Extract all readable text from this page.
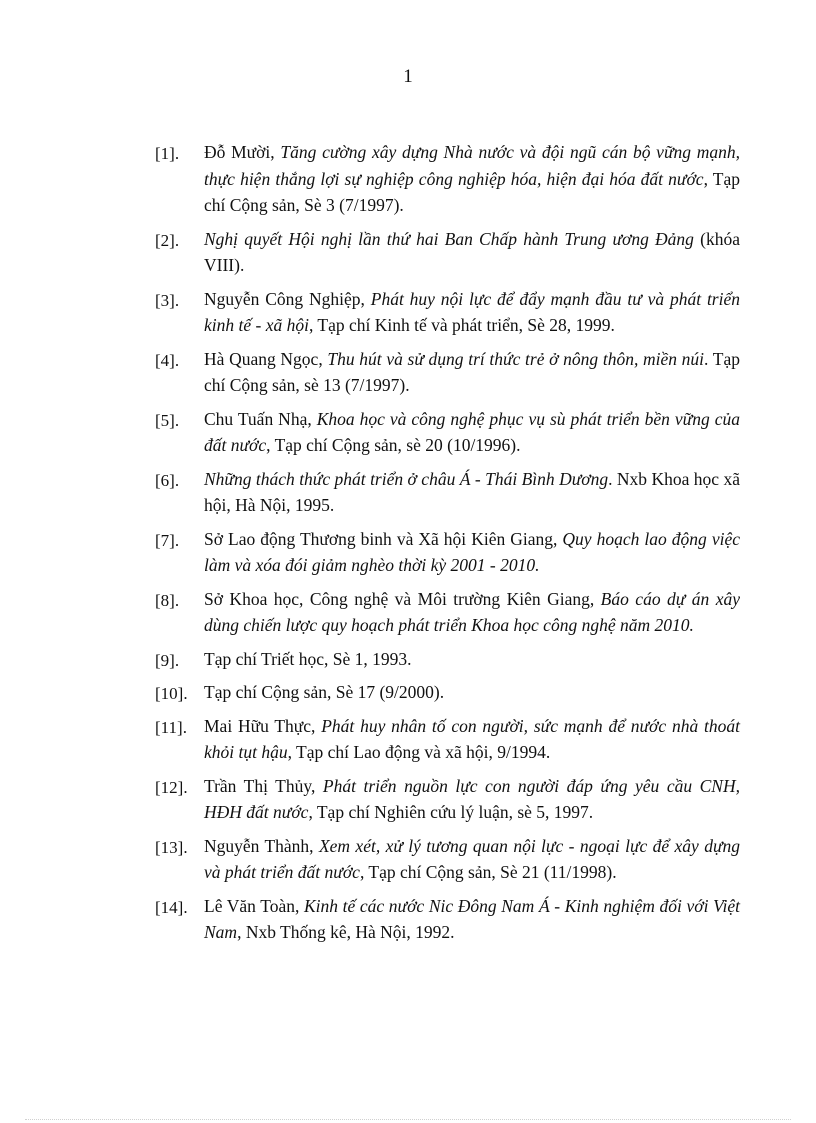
1
[1].	Đỗ Mười, Tăng cường xây dựng Nhà nước và đội ngũ cán bộ vững mạnh, thực hiện thắng lợi sự nghiệp công nghiệp hóa, hiện đại hóa đất nước, Tạp chí Cộng sản, Sè 3 (7/1997).
[2].	Nghị quyết Hội nghị lần thứ hai Ban Chấp hành Trung ương Đảng (khóa VIII).
[3].	Nguyễn Công Nghiệp, Phát huy nội lực để đẩy mạnh đầu tư và phát triển kinh tế - xã hội, Tạp chí Kinh tế và phát triển, Sè 28, 1999.
[4].	Hà Quang Ngọc, Thu hút và sử dụng trí thức trẻ ở nông thôn, miền núi. Tạp chí Cộng sản, sè 13 (7/1997).
[5].	Chu Tuấn Nhạ, Khoa học và công nghệ phục vụ sù phát triển bền vững của đất nước, Tạp chí Cộng sản, sè 20 (10/1996).
[6].	Những thách thức phát triển ở châu Á - Thái Bình Dương. Nxb Khoa học xã hội, Hà Nội, 1995.
[7].	Sở Lao động Thương binh và Xã hội Kiên Giang, Quy hoạch lao động việc làm và xóa đói giảm nghèo thời kỳ 2001 - 2010.
[8].	Sở Khoa học, Công nghệ và Môi trường Kiên Giang, Báo cáo dự án xây dùng chiến lược quy hoạch phát triển Khoa học công nghệ năm 2010.
[9].	Tạp chí Triết học, Sè 1, 1993.
[10]. Tạp chí Cộng sản, Sè 17 (9/2000).
[11]. Mai Hữu Thực, Phát huy nhân tố con người, sức mạnh để nước nhà thoát khỏi tụt hậu, Tạp chí Lao động và xã hội, 9/1994.
[12]. Trần Thị Thủy, Phát triển nguồn lực con người đáp ứng yêu cầu CNH, HĐH đất nước, Tạp chí Nghiên cứu lý luận, sè 5, 1997.
[13]. Nguyễn Thành, Xem xét, xử lý tương quan nội lực - ngoại lực để xây dựng và phát triển đất nước, Tạp chí Cộng sản, Sè 21 (11/1998).
[14]. Lê Văn Toàn, Kinh tế các nước Nic Đông Nam Á - Kinh nghiệm đối với Việt Nam, Nxb Thống kê, Hà Nội, 1992.
